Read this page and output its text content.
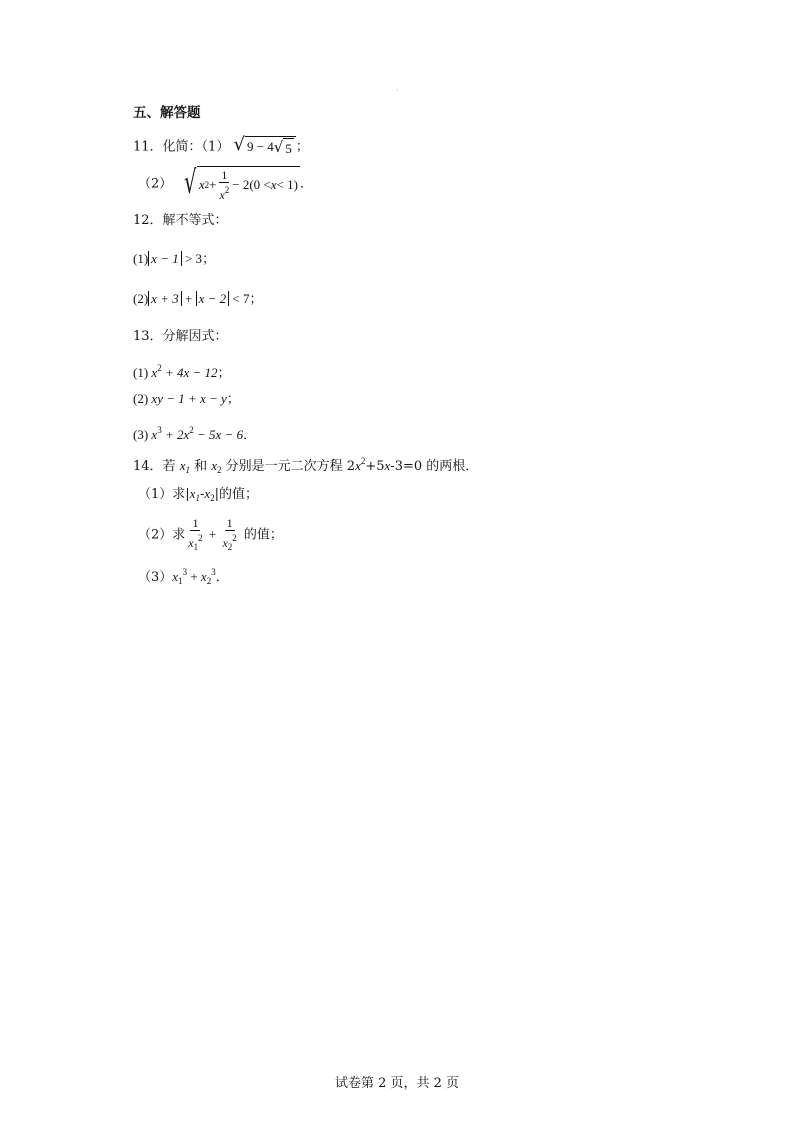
·
五、解答题
11．化简：（1） √ 9 − 4 √ 5 ；
（2） √ x $2 + \frac{1}{x^2} - 2(0 < x < 1)$ ．
12．解不等式：
(1) x − 1 > 3；
(2) x + 3 + x − 2 < 7；
13．分解因式：
(1) $x^2 + 4x - 12$；
(2) xy − 1 + x − y；
(3) $x^3 + 2x^2 - 5x - 6$．
14．若 $x_1$ 和 $x_2$ 分别是一元二次方程 $2x^2+5x-3=0$ 的两根．
（1）求$|x_1-x_2|$的值；
（2）求 $\frac{1}{x_1^2} + \frac{1}{x_2^2}$ 的值；
$(3)x_1^3 + x_2^3$．
试卷第 2 页，共 2 页
